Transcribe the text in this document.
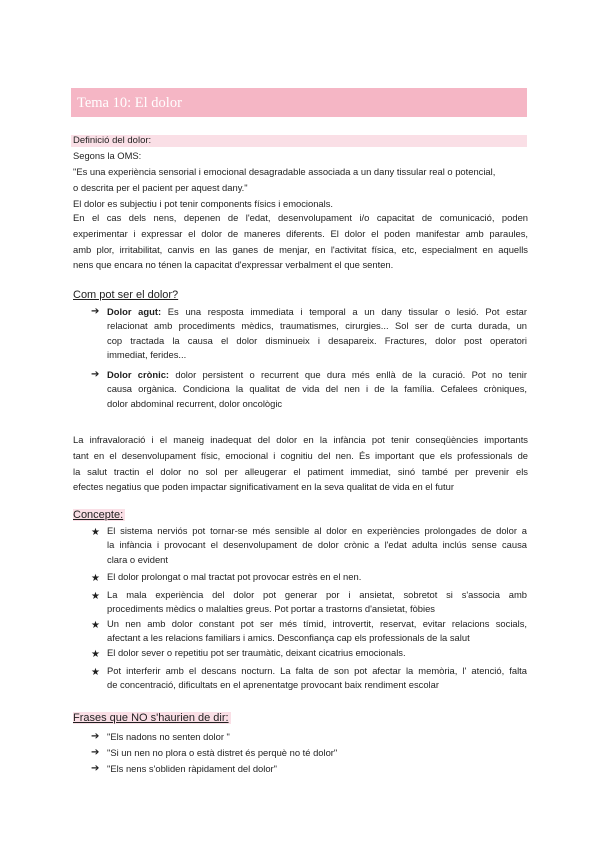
Tema 10: El dolor
Definició del dolor:
Segons la OMS:
"Es una experiència sensorial i emocional desagradable associada a un dany tissular real o potencial,
o descrita per el pacient per aquest dany."
El dolor es subjectiu i pot tenir components físics i emocionals.
En el cas dels nens, depenen de l'edat, desenvolupament i/o capacitat de comunicació, poden
experimentar i expressar el dolor de maneres diferents. El dolor el poden manifestar amb paraules,
amb plor, irritabilitat, canvis en las ganes de menjar, en l'activitat física, etc, especialment en aquells
nens que encara no ténen la capacitat d'expressar verbalment el que senten.
Com pot ser el dolor?
➔ Dolor agut: Es una resposta immediata i temporal a un dany tissular o lesió. Pot estar
relacionat amb procediments mèdics, traumatismes, cirurgies... Sol ser de curta durada, un
cop tractada la causa el dolor disminueix i desapareix. Fractures, dolor post operatori
immediat, ferides...
➔ Dolor crònic: dolor persistent o recurrent que dura més enllà de la curació. Pot no tenir
causa orgànica. Condiciona la qualitat de vida del nen i de la família. Cefalees cròniques,
dolor abdominal recurrent, dolor oncològic
La infravaloració i el maneig inadequat del dolor en la infància pot tenir conseqüències importants
tant en el desenvolupament físic, emocional i cognitiu del nen. És important que els professionals de
la salut tractin el dolor no sol per alleugerar el patiment immediat, sinó també per prevenir els
efectes negatius que poden impactar significativament en la seva qualitat de vida en el futur
Concepte:
★ El sistema nerviós pot tornar-se més sensible al dolor en experiències prolongades de dolor a
la infància i provocant el desenvolupament de dolor crònic a l'edat adulta inclús sense causa
clara o evident
★ El dolor prolongat o mal tractat pot provocar estrès en el nen.
★ La mala experiència del dolor pot generar por i ansietat, sobretot si s'associa amb
procediments mèdics o malalties greus. Pot portar a trastorns d'ansietat, fòbies
★ Un nen amb dolor constant pot ser més tímid, introvertit, reservat, evitar relacions socials,
afectant a les relacions familiars i amics. Desconfiança cap els professionals de la salut
★ El dolor sever o repetitiu pot ser traumàtic, deixant cicatrius emocionals.
★ Pot interferir amb el descans nocturn. La falta de son pot afectar la memòria, l' atenció, falta
de concentració, dificultats en el aprenentatge provocant baix rendiment escolar
Frases que NO s'haurien de dir:
➔ "Els nadons no senten dolor "
➔ "Si un nen no plora o està distret és perquè no té dolor"
➔ "Els nens s'obliden ràpidament del dolor"
